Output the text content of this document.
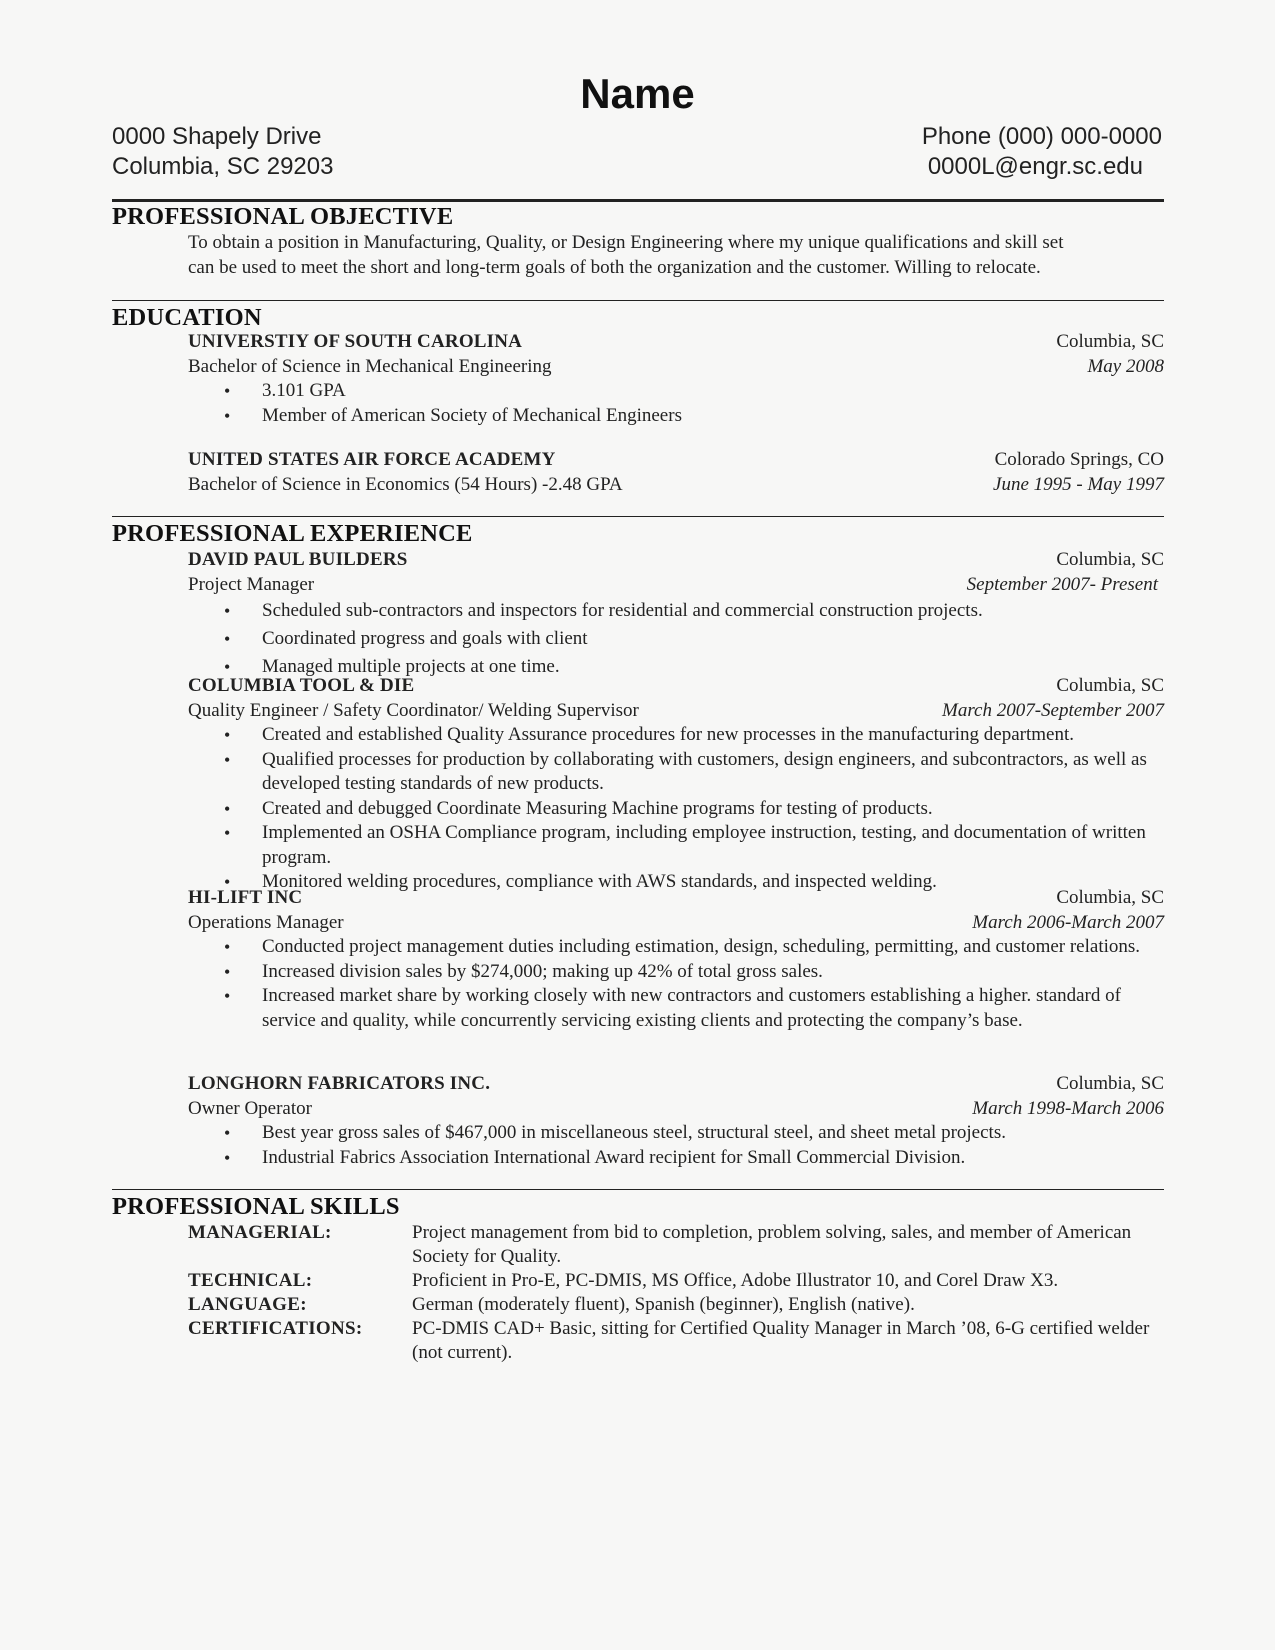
Name
0000 Shapely Drive
Columbia, SC 29203
Phone (000) 000-0000
0000L@engr.sc.edu
PROFESSIONAL OBJECTIVE
To obtain a position in Manufacturing, Quality, or Design Engineering where my unique qualifications and skill set
can be used to meet the short and long-term goals of both the organization and the customer. Willing to relocate.
EDUCATION
UNIVERSTIY OF SOUTH CAROLINA	Columbia, SC
Bachelor of Science in Mechanical Engineering	May 2008
• 3.101 GPA
• Member of American Society of Mechanical Engineers
UNITED STATES AIR FORCE ACADEMY	Colorado Springs, CO
Bachelor of Science in Economics (54 Hours) -2.48 GPA	June 1995 - May 1997
PROFESSIONAL EXPERIENCE
DAVID PAUL BUILDERS	Columbia, SC
Project Manager	September 2007- Present
• Scheduled sub-contractors and inspectors for residential and commercial construction projects.
• Coordinated progress and goals with client
• Managed multiple projects at one time.
COLUMBIA TOOL & DIE	Columbia, SC
Quality Engineer / Safety Coordinator/ Welding Supervisor	March 2007-September 2007
• Created and established Quality Assurance procedures for new processes in the manufacturing department.
• Qualified processes for production by collaborating with customers, design engineers, and subcontractors, as well as developed testing standards of new products.
• Created and debugged Coordinate Measuring Machine programs for testing of products.
• Implemented an OSHA Compliance program, including employee instruction, testing, and documentation of written program.
• Monitored welding procedures, compliance with AWS standards, and inspected welding.
HI-LIFT INC	Columbia, SC
Operations Manager	March 2006-March 2007
• Conducted project management duties including estimation, design, scheduling, permitting, and customer relations.
• Increased division sales by $274,000; making up 42% of total gross sales.
• Increased market share by working closely with new contractors and customers establishing a higher. standard of service and quality, while concurrently servicing existing clients and protecting the company’s base.
LONGHORN FABRICATORS INC.	Columbia, SC
Owner Operator	March 1998-March 2006
• Best year gross sales of $467,000 in miscellaneous steel, structural steel, and sheet metal projects.
• Industrial Fabrics Association International Award recipient for Small Commercial Division.
PROFESSIONAL SKILLS
MANAGERIAL:	Project management from bid to completion, problem solving, sales, and member of American Society for Quality.
TECHNICAL:	Proficient in Pro-E, PC-DMIS, MS Office, Adobe Illustrator 10, and Corel Draw X3.
LANGUAGE:	German (moderately fluent), Spanish (beginner), English (native).
CERTIFICATIONS:	PC-DMIS CAD+ Basic, sitting for Certified Quality Manager in March ’08, 6-G certified welder (not current).
